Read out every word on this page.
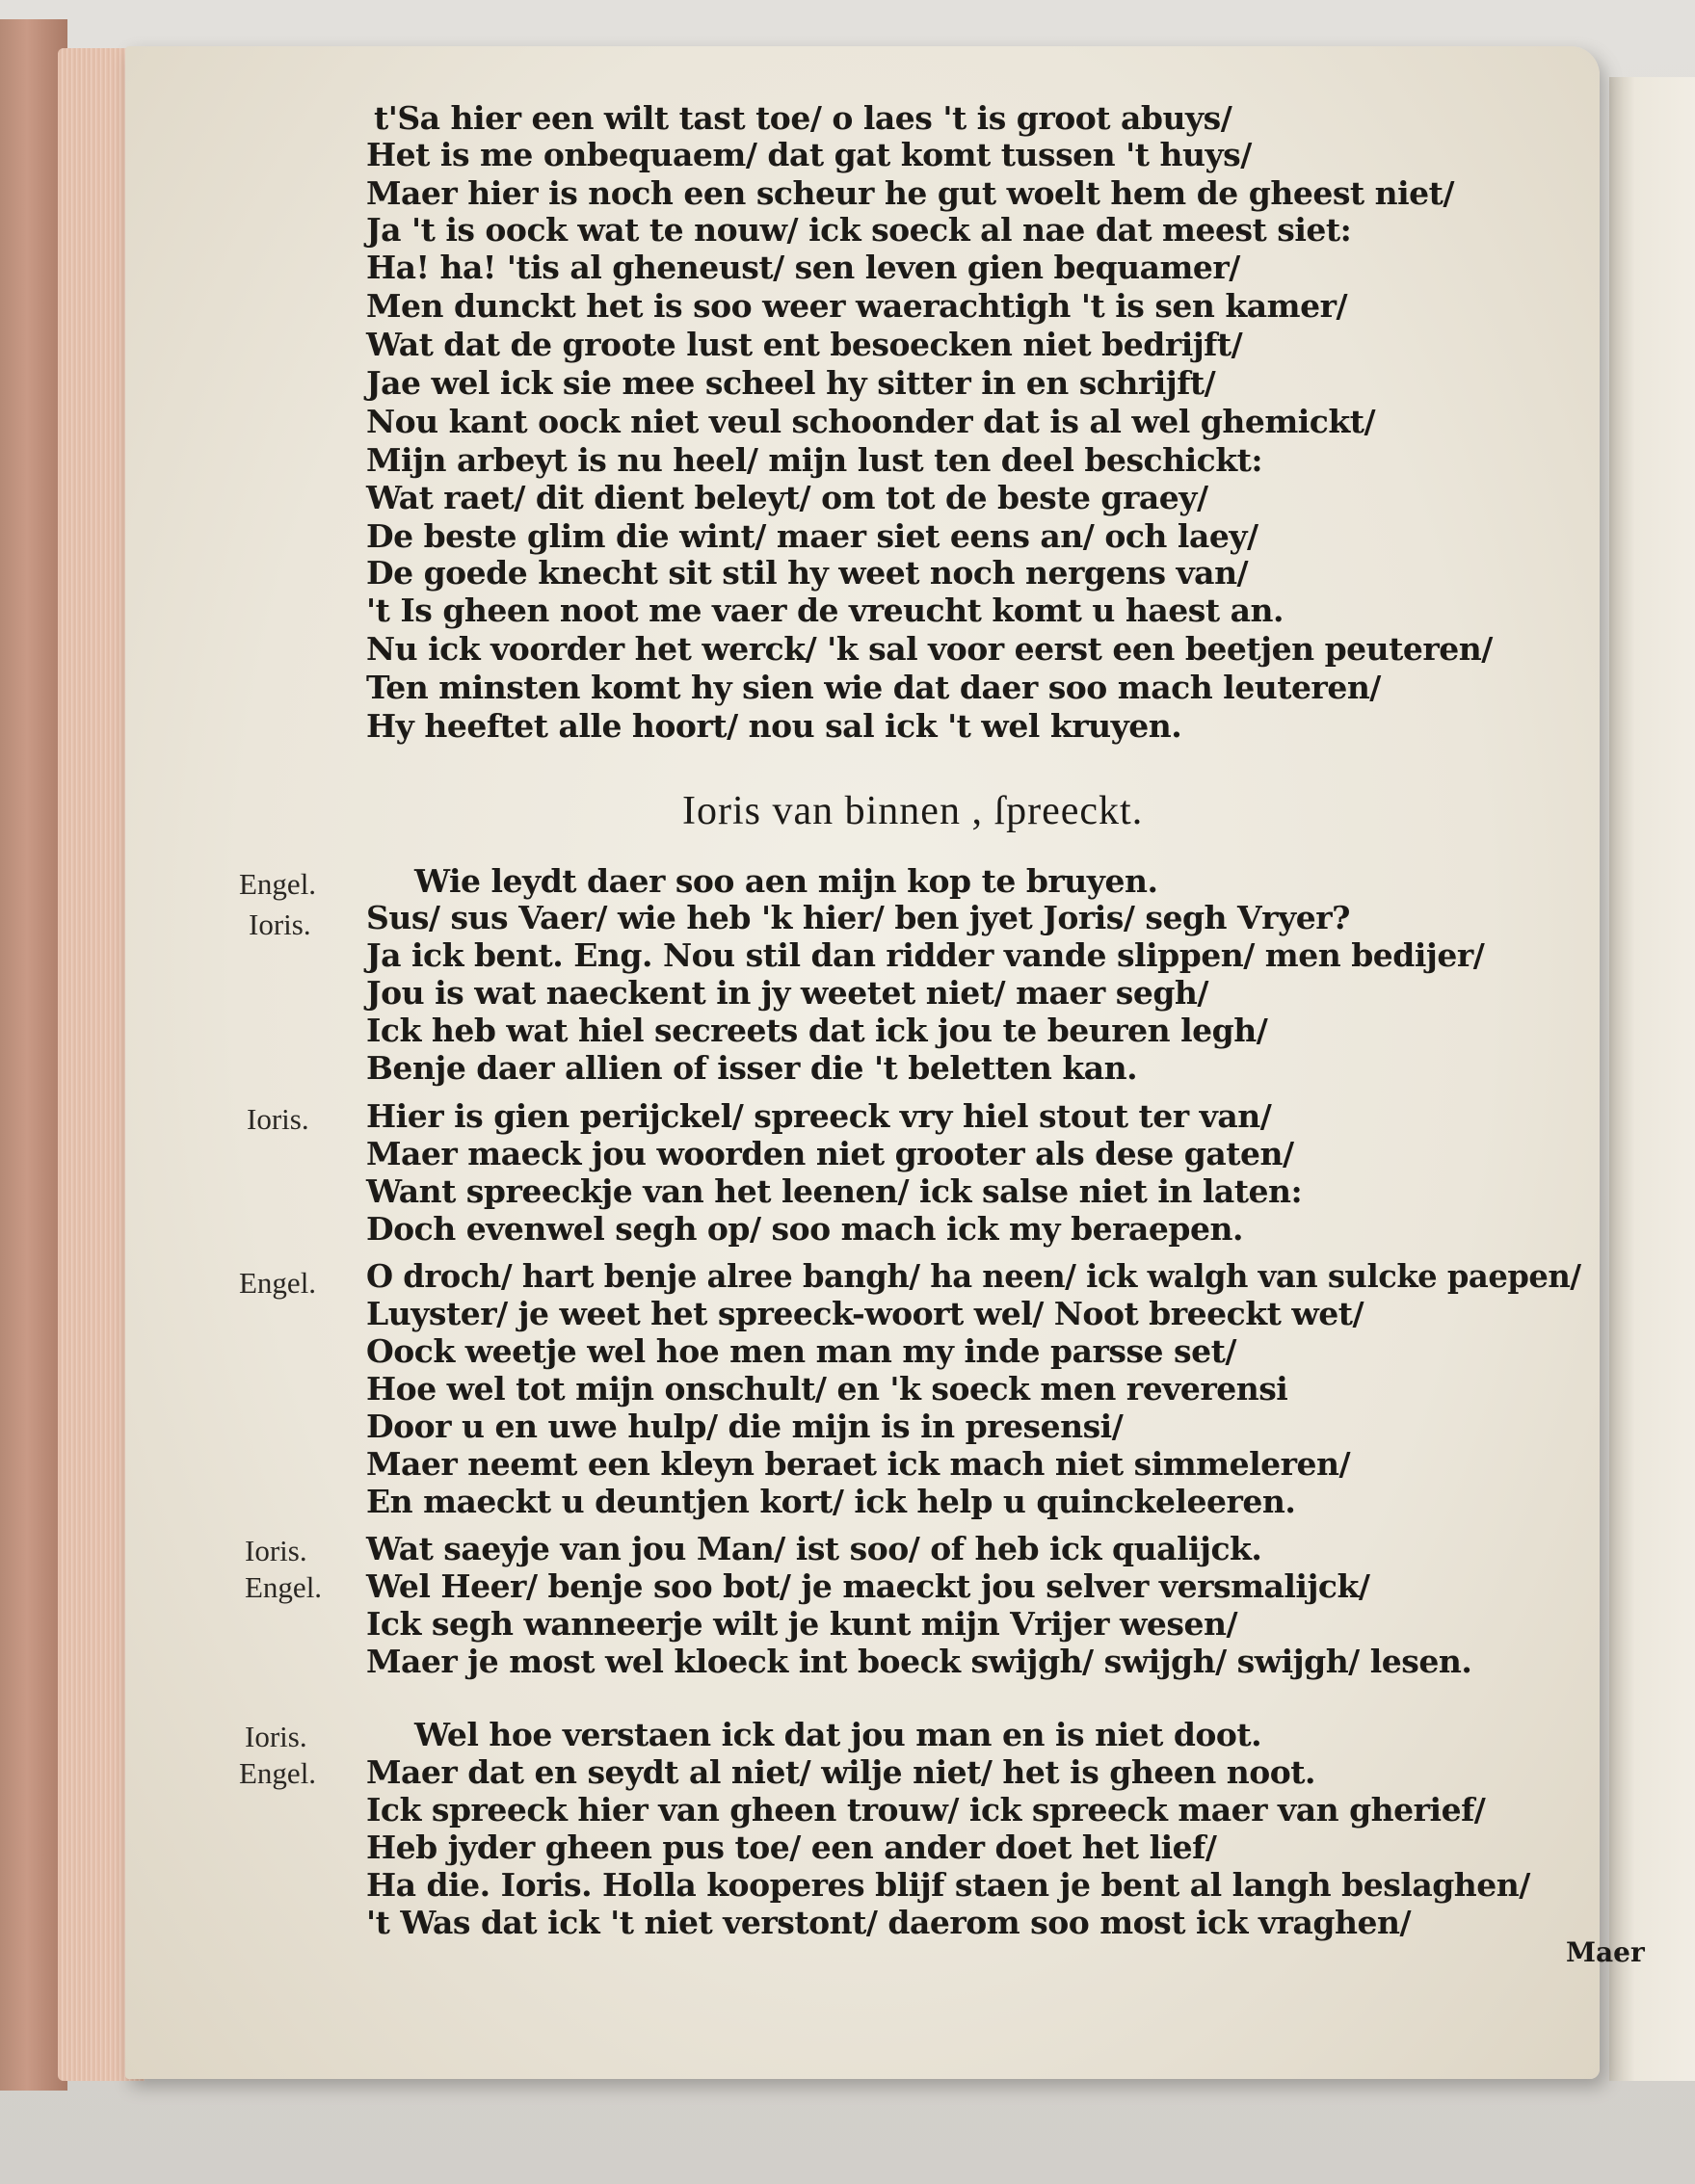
t'Sa hier een wilt tast toe/ o laes 't is groot abuys/
Het is me onbequaem/ dat gat komt tussen 't huys/
Maer hier is noch een scheur he gut woelt hem de gheest niet/
Ja 't is oock wat te nouw/ ick soeck al nae dat meest siet:
Ha! ha! 'tis al gheneust/ sen leven gien bequamer/
Men dunckt het is soo weer waerachtigh 't is sen kamer/
Wat dat de groote lust ent besoecken niet bedrijft/
Jae wel ick sie mee scheel hy sitter in en schrijft/
Nou kant oock niet veul schoonder dat is al wel ghemickt/
Mijn arbeyt is nu heel/ mijn lust ten deel beschickt:
Wat raet/ dit dient beleyt/ om tot de beste graey/
De beste glim die wint/ maer siet eens an/ och laey/
De goede knecht sit stil hy weet noch nergens van/
't Is gheen noot me vaer de vreucht komt u haest an.
Nu ick voorder het werck/ 'k sal voor eerst een beetjen peuteren/
Ten minsten komt hy sien wie dat daer soo mach leuteren/
Hy heeftet alle hoort/ nou sal ick 't wel kruyen.
Ioris van binnen , ſpreeckt.
Engel.
Ioris.
Ioris.
Engel.
Ioris.
Engel.
Ioris.
Engel.
Wie leydt daer soo aen mijn kop te bruyen.
Sus/ sus Vaer/ wie heb 'k hier/ ben jyet Joris/ segh Vryer?
Ja ick bent. Eng. Nou stil dan ridder vande slippen/ men bedijer/
Jou is wat naeckent in jy weetet niet/ maer segh/
Ick heb wat hiel secreets dat ick jou te beuren legh/
Benje daer allien of isser die 't beletten kan.
Hier is gien perijckel/ spreeck vry hiel stout ter van/
Maer maeck jou woorden niet grooter als dese gaten/
Want spreeckje van het leenen/ ick salse niet in laten:
Doch evenwel segh op/ soo mach ick my beraepen.
O droch/ hart benje alree bangh/ ha neen/ ick walgh van sulcke paepen/
Luyster/ je weet het spreeck-woort wel/ Noot breeckt wet/
Oock weetje wel hoe men man my inde parsse set/
Hoe wel tot mijn onschult/ en 'k soeck men reverensi
Door u en uwe hulp/ die mijn is in presensi/
Maer neemt een kleyn beraet ick mach niet simmeleren/
En maeckt u deuntjen kort/ ick help u quinckeleeren.
Wat saeyje van jou Man/ ist soo/ of heb ick qualijck.
Wel Heer/ benje soo bot/ je maeckt jou selver versmalijck/
Ick segh wanneerje wilt je kunt mijn Vrijer wesen/
Maer je most wel kloeck int boeck swijgh/ swijgh/ swijgh/ lesen.
Wel hoe verstaen ick dat jou man en is niet doot.
Maer dat en seydt al niet/ wilje niet/ het is gheen noot.
Ick spreeck hier van gheen trouw/ ick spreeck maer van gherief/
Heb jyder gheen pus toe/ een ander doet het lief/
Ha die. Ioris. Holla kooperes blijf staen je bent al langh beslaghen/
't Was dat ick 't niet verstont/ daerom soo most ick vraghen/
Maer
